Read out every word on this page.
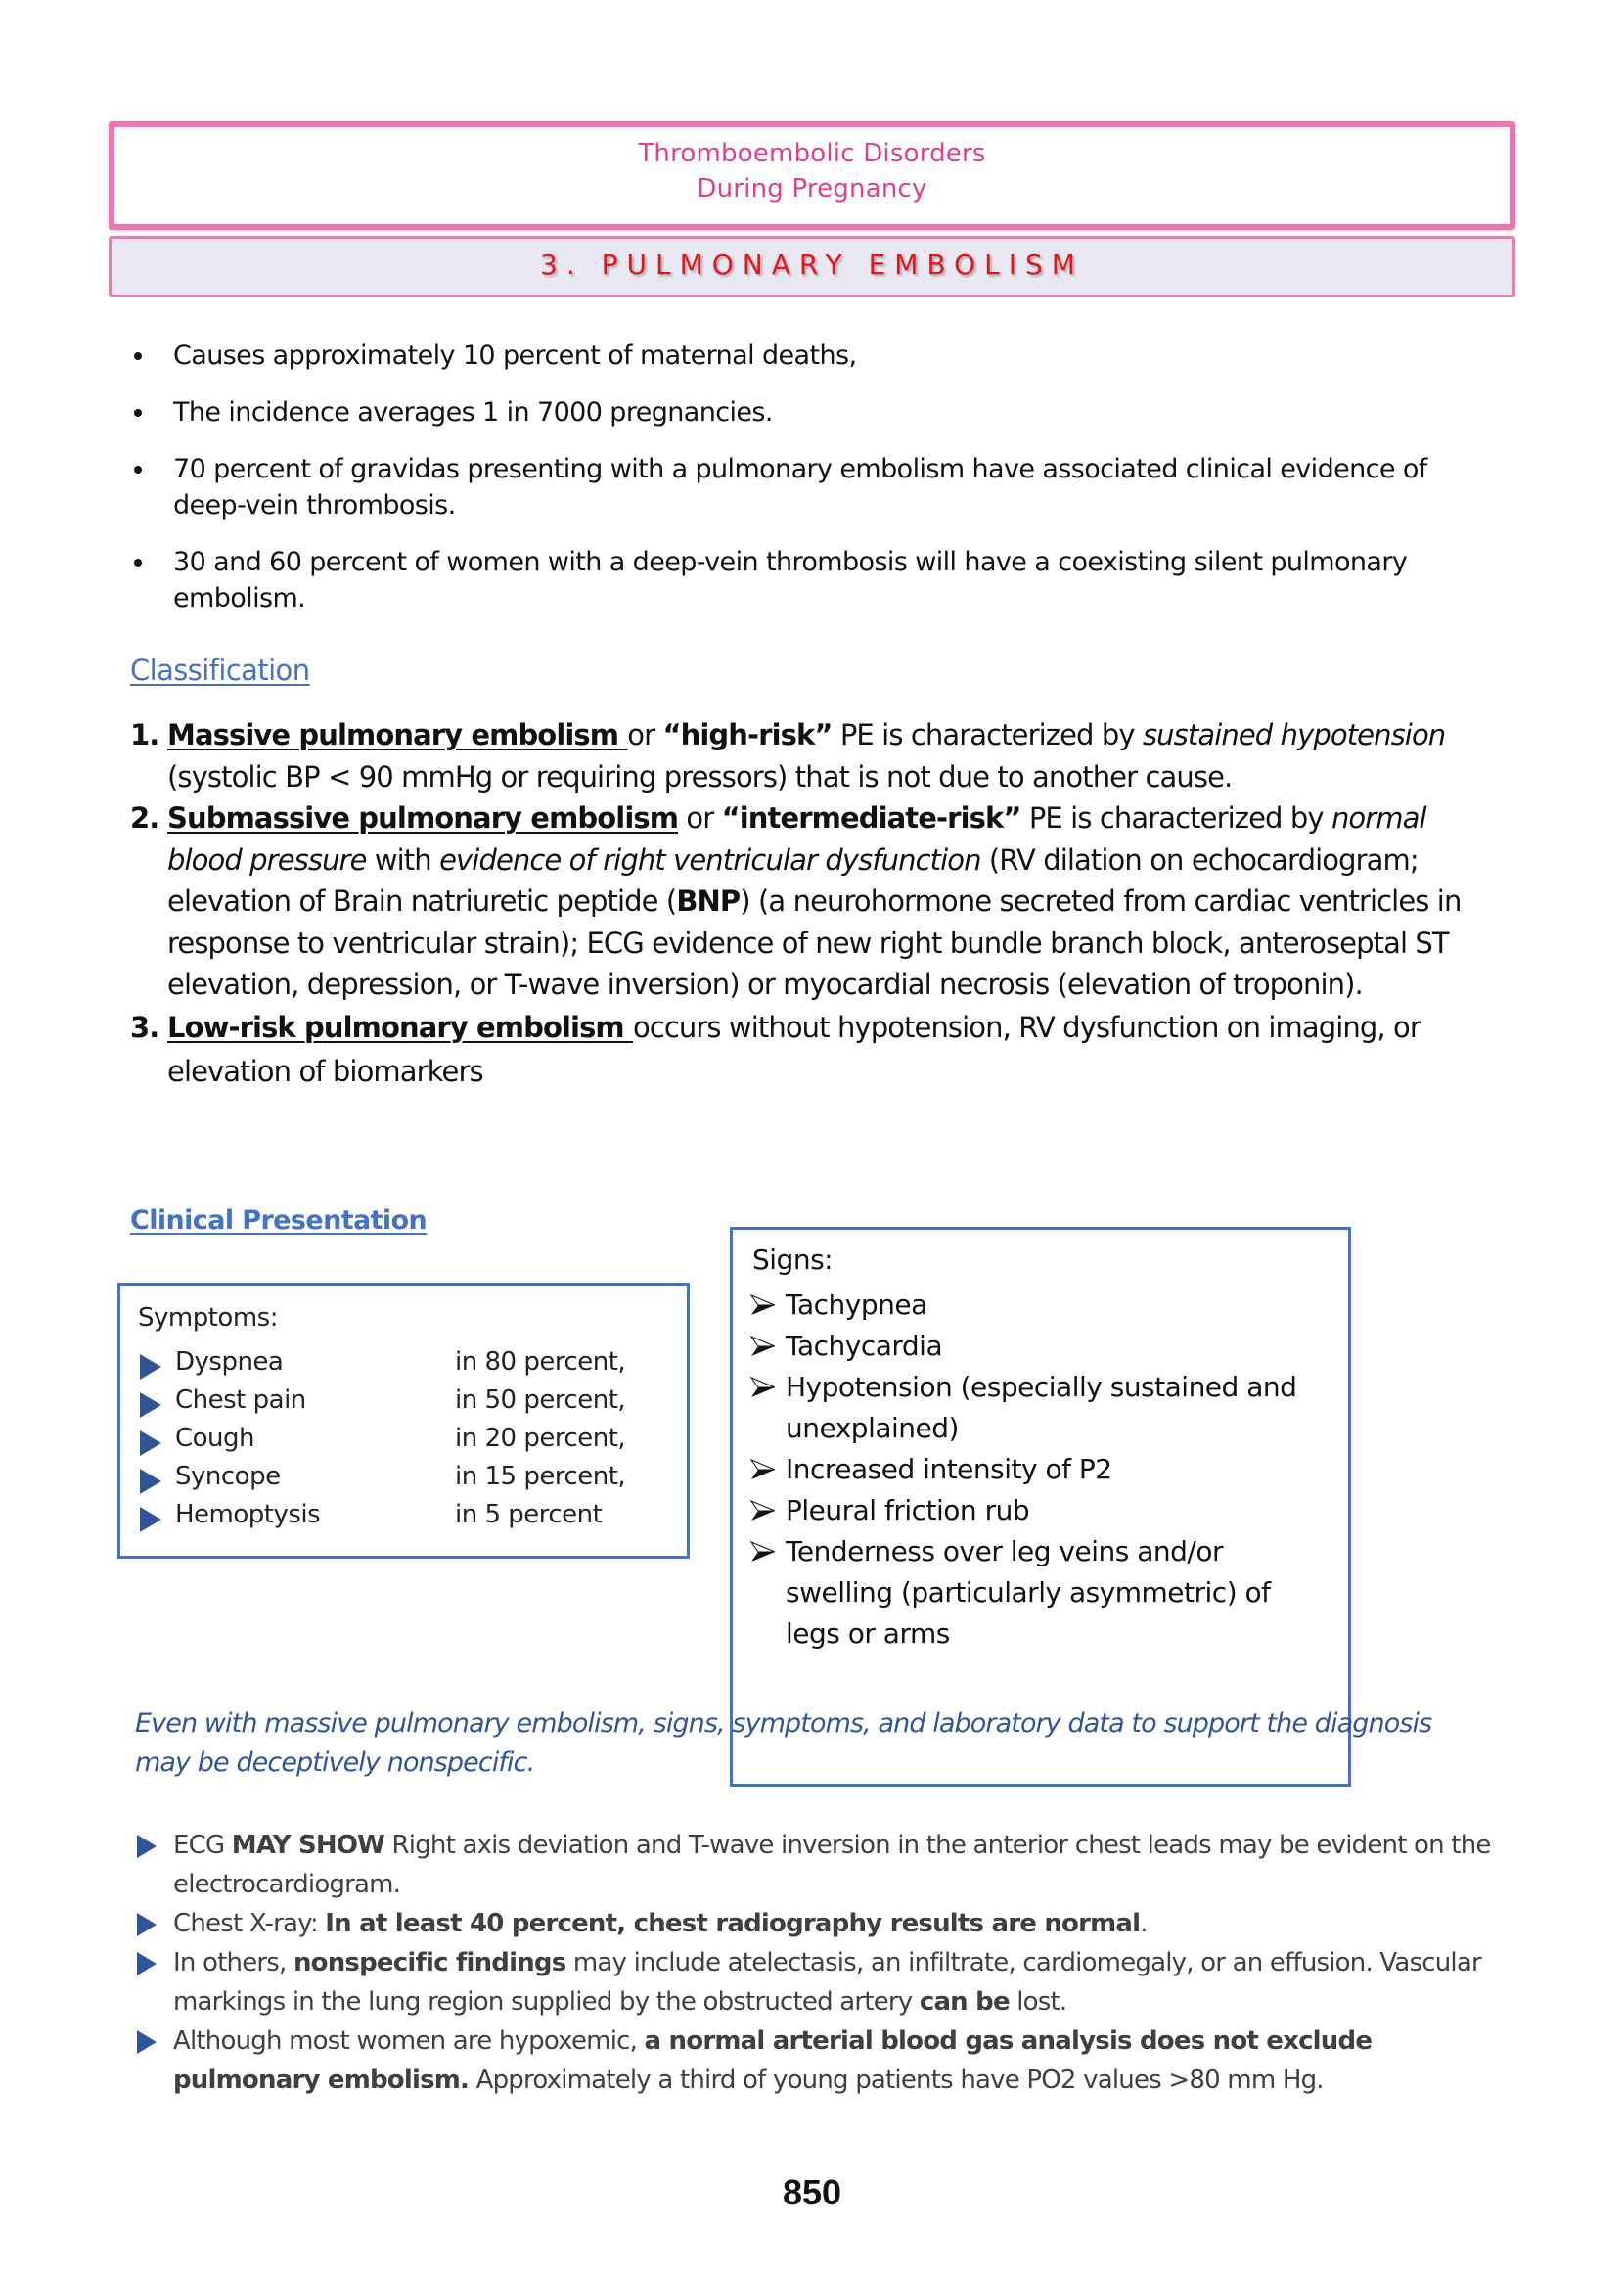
Thromboembolic Disorders
During Pregnancy
3. PULMONARY EMBOLISM
Causes approximately 10 percent of maternal deaths,
The incidence averages 1 in 7000 pregnancies.
70 percent of gravidas presenting with a pulmonary embolism have associated clinical evidence of
deep-vein thrombosis.
30 and 60 percent of women with a deep-vein thrombosis will have a coexisting silent pulmonary
embolism.
Classification
1. Massive pulmonary embolism or “high-risk” PE is characterized by sustained hypotension (systolic BP < 90 mmHg or requiring pressors) that is not due to another cause.
2. Submassive pulmonary embolism or “intermediate-risk” PE is characterized by normal blood pressure with evidence of right ventricular dysfunction (RV dilation on echocardiogram; elevation of Brain natriuretic peptide (BNP) (a neurohormone secreted from cardiac ventricles in response to ventricular strain); ECG evidence of new right bundle branch block, anteroseptal ST elevation, depression, or T-wave inversion) or myocardial necrosis (elevation of troponin).
3. Low-risk pulmonary embolism occurs without hypotension, RV dysfunction on imaging, or elevation of biomarkers
Clinical Presentation
Symptoms:
Dyspnea	in 80 percent,
Chest pain	in 50 percent,
Cough	in 20 percent,
Syncope	in 15 percent,
Hemoptysis	in 5 percent
Signs:
Tachypnea
Tachycardia
Hypotension (especially sustained and unexplained)
Increased intensity of P2
Pleural friction rub
Tenderness over leg veins and/or swelling (particularly asymmetric) of legs or arms
Even with massive pulmonary embolism, signs, symptoms, and laboratory data to support the diagnosis may be deceptively nonspecific.
ECG MAY SHOW Right axis deviation and T-wave inversion in the anterior chest leads may be evident on the electrocardiogram.
Chest X-ray: In at least 40 percent, chest radiography results are normal.
In others, nonspecific findings may include atelectasis, an infiltrate, cardiomegaly, or an effusion. Vascular markings in the lung region supplied by the obstructed artery can be lost.
Although most women are hypoxemic, a normal arterial blood gas analysis does not exclude pulmonary embolism. Approximately a third of young patients have PO2 values >80 mm Hg.
850
